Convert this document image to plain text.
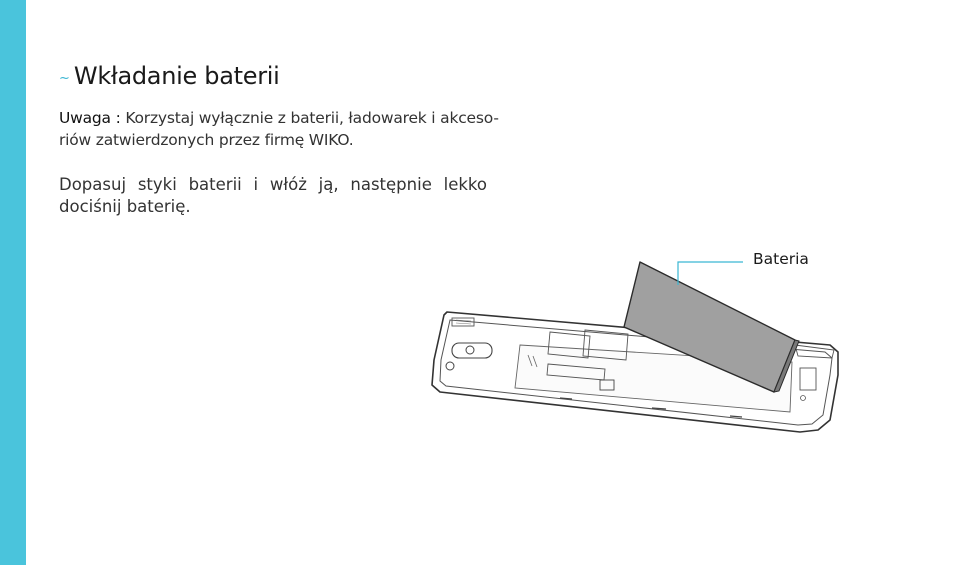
~ Wkładanie baterii
Uwaga : Korzystaj wyłącznie z baterii, ładowarek i akceso-
riów zatwierdzonych przez firmę WIKO.

Dopasuj styki baterii i włóż ją, następnie lekko dociśnij baterię.

Bateria
